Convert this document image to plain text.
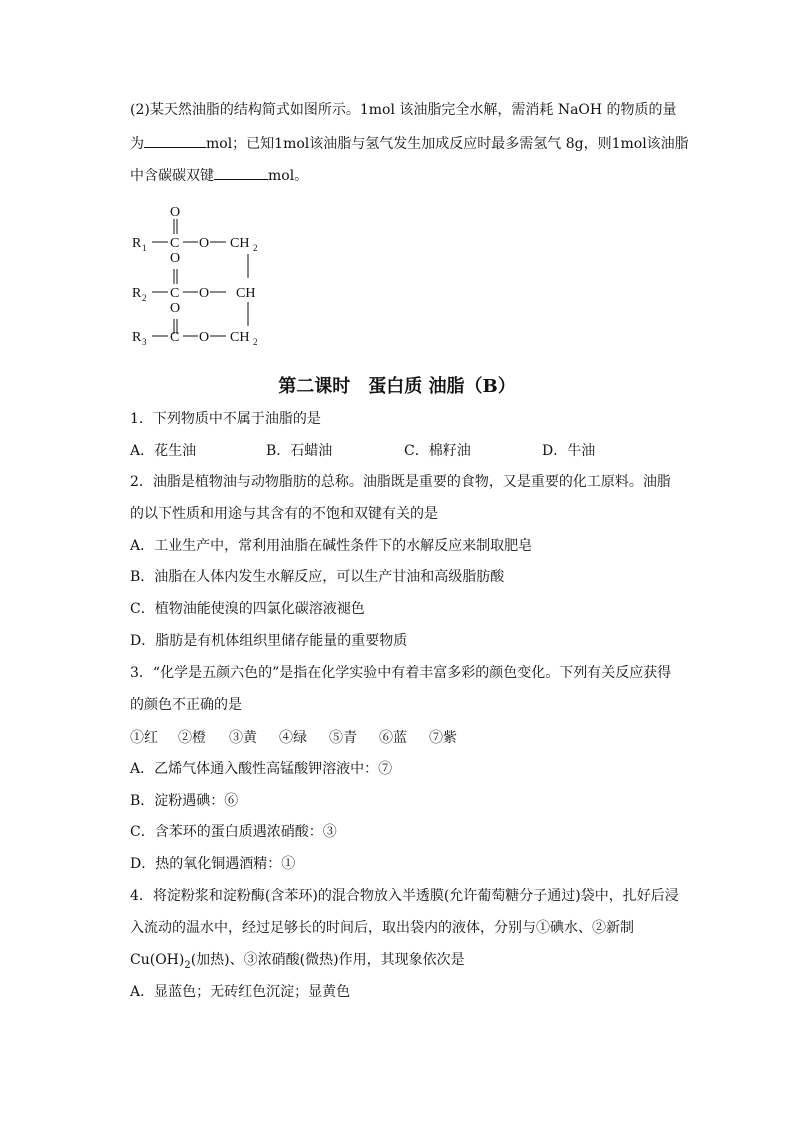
(2)某天然油脂的结构简式如图所示。1mol 该油脂完全水解，需消耗 NaOH 的物质的量
为	mol；已知1mol该油脂与氢气发生加成反应时最多需氢气 8g，则1mol该油脂
中含碳碳双键	mol。
O
O
O
R 1
R 2
R 3
C
C
C
O
O
O
CH 2
CH
CH 2
第二课时　蛋白质 油脂（B）
1．下列物质中不属于油脂的是
A．花生油	B．石蜡油	C．棉籽油	D．牛油
2．油脂是植物油与动物脂肪的总称。油脂既是重要的食物，又是重要的化工原料。油脂
的以下性质和用途与其含有的不饱和双键有关的是
A．工业生产中，常利用油脂在碱性条件下的水解反应来制取肥皂
B．油脂在人体内发生水解反应，可以生产甘油和高级脂肪酸
C．植物油能使溴的四氯化碳溶液褪色
D．脂肪是有机体组织里储存能量的重要物质
3．“化学是五颜六色的”是指在化学实验中有着丰富多彩的颜色变化。下列有关反应获得
的颜色不正确的是
①红 ②橙 ③黄 ④绿 ⑤青 ⑥蓝 ⑦紫
A．乙烯气体通入酸性高锰酸钾溶液中：⑦
B．淀粉遇碘：⑥
C．含苯环的蛋白质遇浓硝酸：③
D．热的氧化铜遇酒精：①
4．将淀粉浆和淀粉酶(含苯环)的混合物放入半透膜(允许葡萄糖分子通过)袋中，扎好后浸
入流动的温水中，经过足够长的时间后，取出袋内的液体，分别与①碘水、②新制
$Cu(OH)_2$(加热)、③浓硝酸(微热)作用，其现象依次是
A．显蓝色；无砖红色沉淀；显黄色
